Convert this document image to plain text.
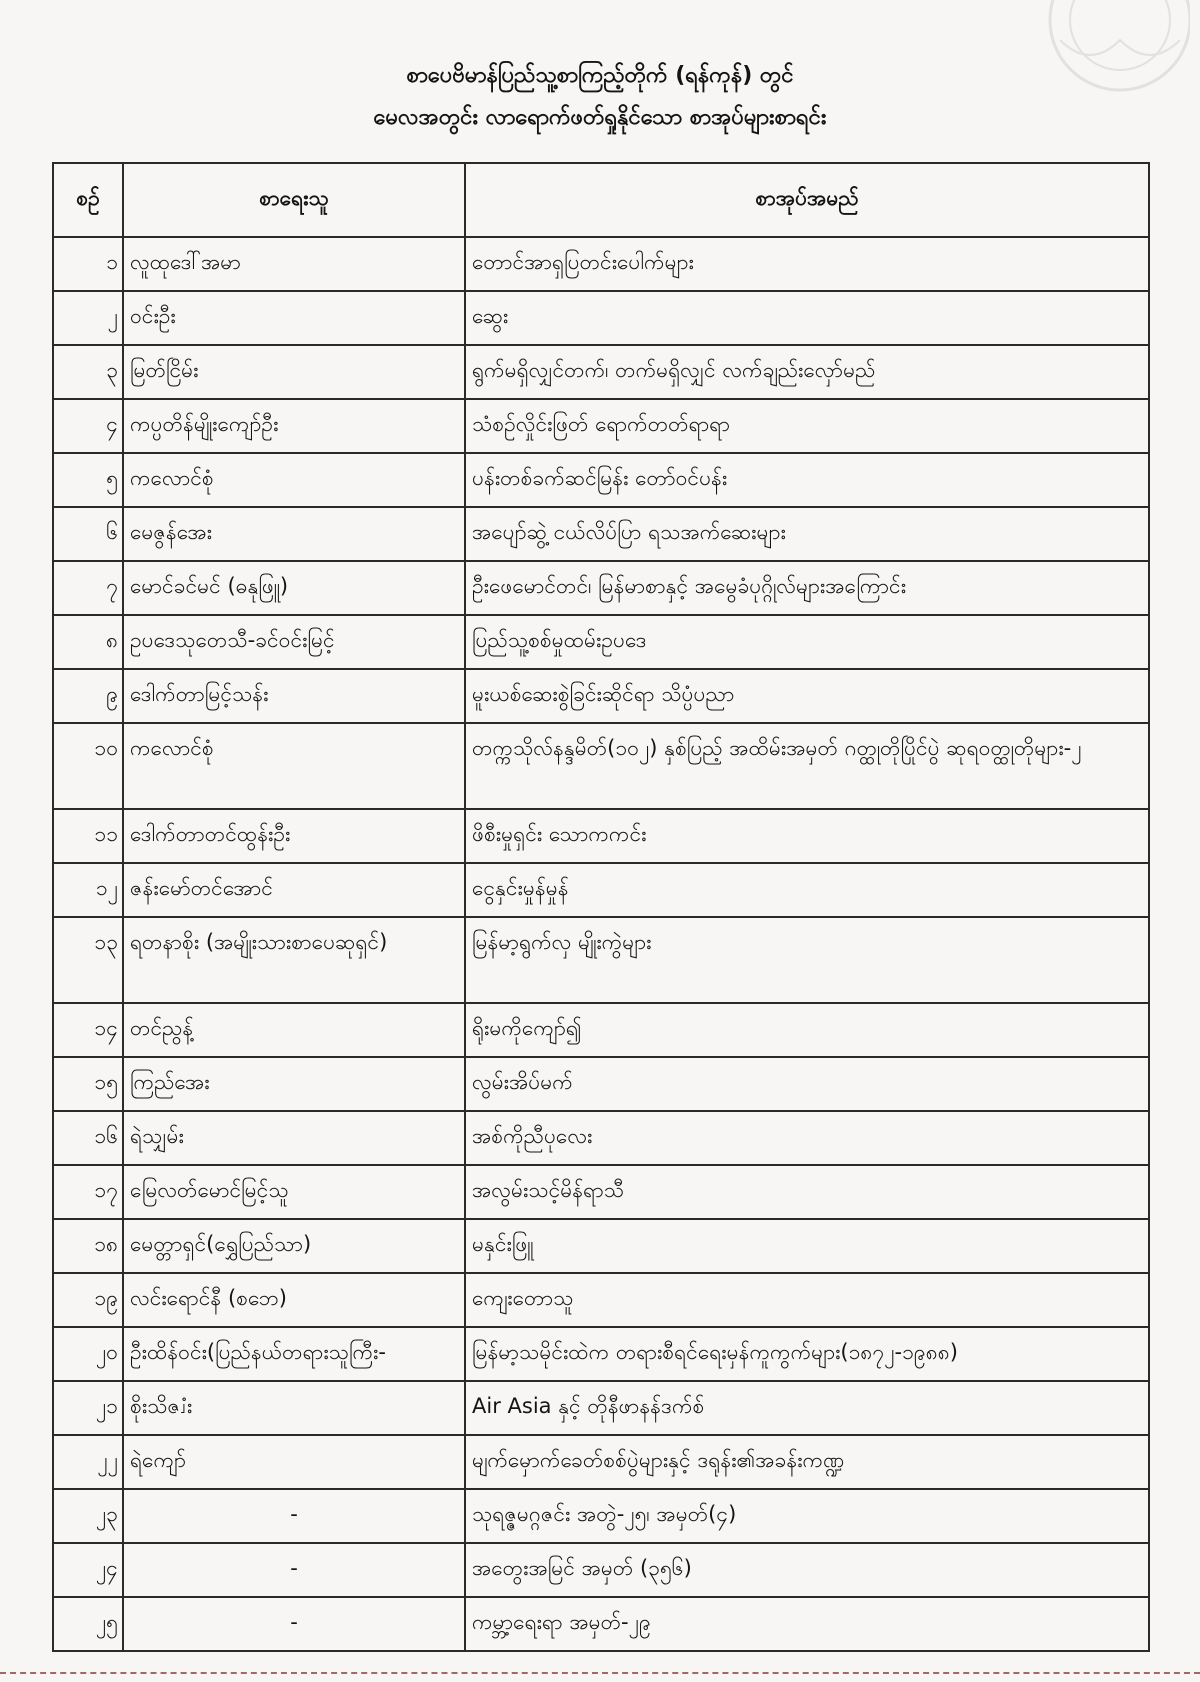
စာပေဗိမာန်ပြည်သူ့စာကြည့်တိုက် (ရန်ကုန်) တွင်
မေလအတွင်း လာရောက်ဖတ်ရှုနိုင်သော စာအုပ်များစာရင်း
စဉ်	စာရေးသူ	စာအုပ်အမည်
၁	လူထုဒေါ်အမာ	တောင်အာရှပြတင်းပေါက်များ
၂	ဝင်းဦး	ဆွေး
၃	မြတ်ငြိမ်း	ရွက်မရှိလျှင်တက်၊ တက်မရှိလျှင် လက်ချည်းလှော်မည်
၄	ကပ္ပတိန်မျိုးကျော်ဦး	သံစဉ်လှိုင်းဖြတ် ရောက်တတ်ရာရာ
၅	ကလောင်စုံ	ပန်းတစ်ခက်ဆင်မြန်း တော်ဝင်ပန်း
၆	မေဇွန်အေး	အပျော်ဆွဲ့ ငယ်လိပ်ပြာ ရသအက်ဆေးများ
၇	မောင်ခင်မင် (ဓနုဖြူ)	ဦးဖေမောင်တင်၊ မြန်မာစာနှင့် အမွေခံပုဂ္ဂိုလ်များအကြောင်း
၈	ဥပဒေသုတေသီ-ခင်ဝင်းမြင့်	ပြည်သူ့စစ်မှုထမ်းဥပဒေ
၉	ဒေါက်တာမြင့်သန်း	မူးယစ်ဆေးစွဲခြင်းဆိုင်ရာ သိပ္ပံပညာ
၁၀	ကလောင်စုံ	တက္ကသိုလ်နန္ဒမိတ်(၁၀၂) နှစ်ပြည့် အထိမ်းအမှတ် ဂတ္ထုတိုပြိုင်ပွဲ ဆုရဝတ္ထုတိုများ-၂
၁၁	ဒေါက်တာတင်ထွန်းဦး	ဖိစီးမှုရှင်း သောကကင်း
၁၂	ဇန်းမော်တင်အောင်	ငွေနှင်းမှုန်မှုန်
၁၃	ရတနာစိုး (အမျိုးသားစာပေဆုရှင်)	မြန်မာ့ရွက်လှ မျိုးကွဲများ
၁၄	တင်ညွန့်	ရိုးမကိုကျော်၍
၁၅	ကြည်အေး	လွမ်းအိပ်မက်
၁၆	ရဲသျှမ်း	အစ်ကိုညီပုလေး
၁၇	မြေလတ်မောင်မြင့်သူ	အလွမ်းသင့်မိန်ရာသီ
၁၈	မေတ္တာရှင်(ရွှေပြည်သာ)	မနှင်းဖြူ
၁၉	လင်းရောင်နီ (စဘေ)	ကျေးတောသူ
၂၀	ဦးထိန်ဝင်း(ပြည်နယ်တရားသူကြီး-	မြန်မာ့သမိုင်းထဲက တရားစီရင်ရေးမှန်ကူကွက်များ(၁၈၇၂-၁၉၈၈)
၂၁	စိုးသိဇၨး	Air Asia နှင့် တိုနီဖာနန်ဒက်စ်
၂၂	ရဲကျော်	မျက်မှောက်ခေတ်စစ်ပွဲများနှင့် ဒရုန်း၏အခန်းကဏ္ဍ
၂၃	-	သုရဇ္ဇမဂ္ဂဇင်း အတွဲ-၂၅၊ အမှတ်(၄)
၂၄	-	အတွေးအမြင် အမှတ် (၃၅၆)
၂၅	-	ကမ္ဘာ့ရေးရာ အမှတ်-၂၉
